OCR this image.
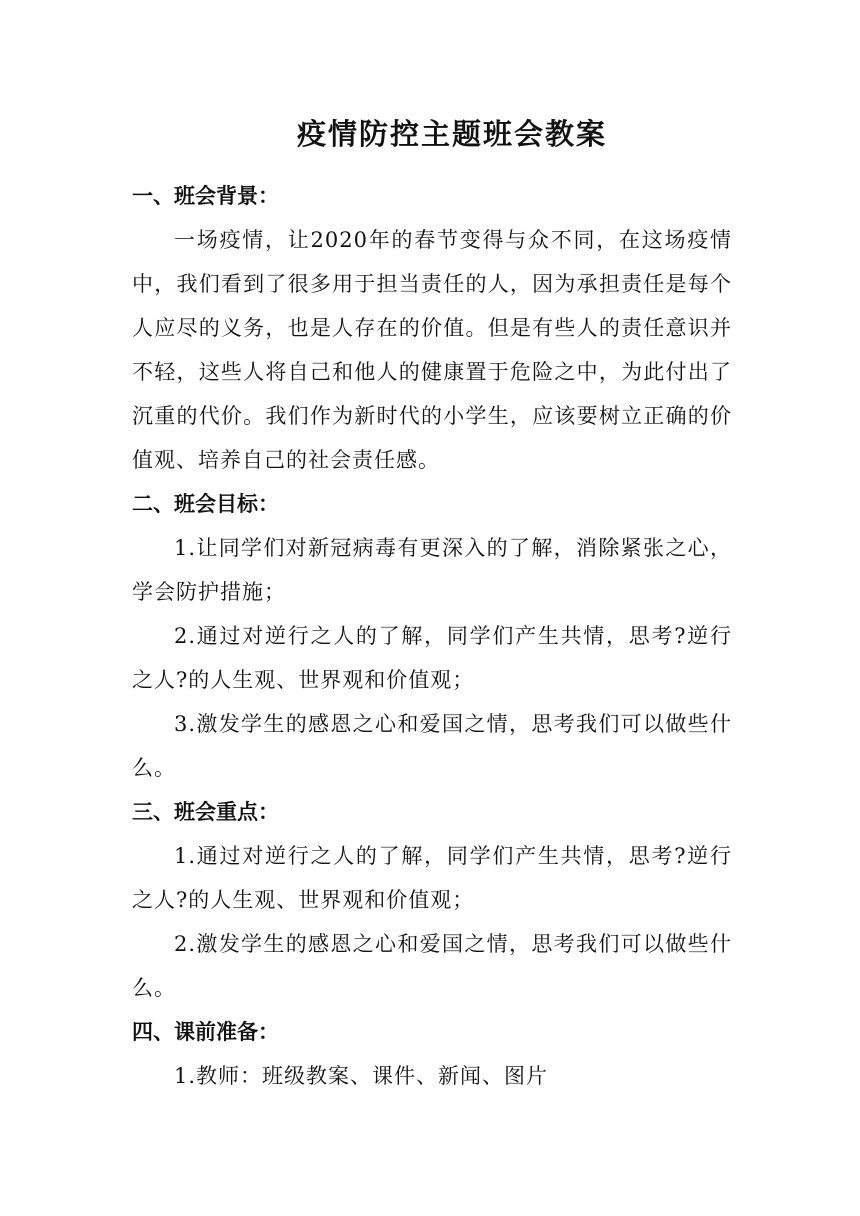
疫情防控主题班会教案
一、班会背景：

一场疫情，让2020年的春节变得与众不同，在这场疫情中，我们看到了很多用于担当责任的人，因为承担责任是每个人应尽的义务，也是人存在的价值。但是有些人的责任意识并不轻，这些人将自己和他人的健康置于危险之中，为此付出了沉重的代价。我们作为新时代的小学生，应该要树立正确的价值观、培养自己的社会责任感。

二、班会目标：

1.让同学们对新冠病毒有更深入的了解，消除紧张之心，学会防护措施；

2.通过对逆行之人的了解，同学们产生共情，思考?逆行之人?的人生观、世界观和价值观；

3.激发学生的感恩之心和爱国之情，思考我们可以做些什么。

三、班会重点：

1.通过对逆行之人的了解，同学们产生共情，思考?逆行之人?的人生观、世界观和价值观；

2.激发学生的感恩之心和爱国之情，思考我们可以做些什么。

四、课前准备：

1.教师：班级教案、课件、新闻、图片
